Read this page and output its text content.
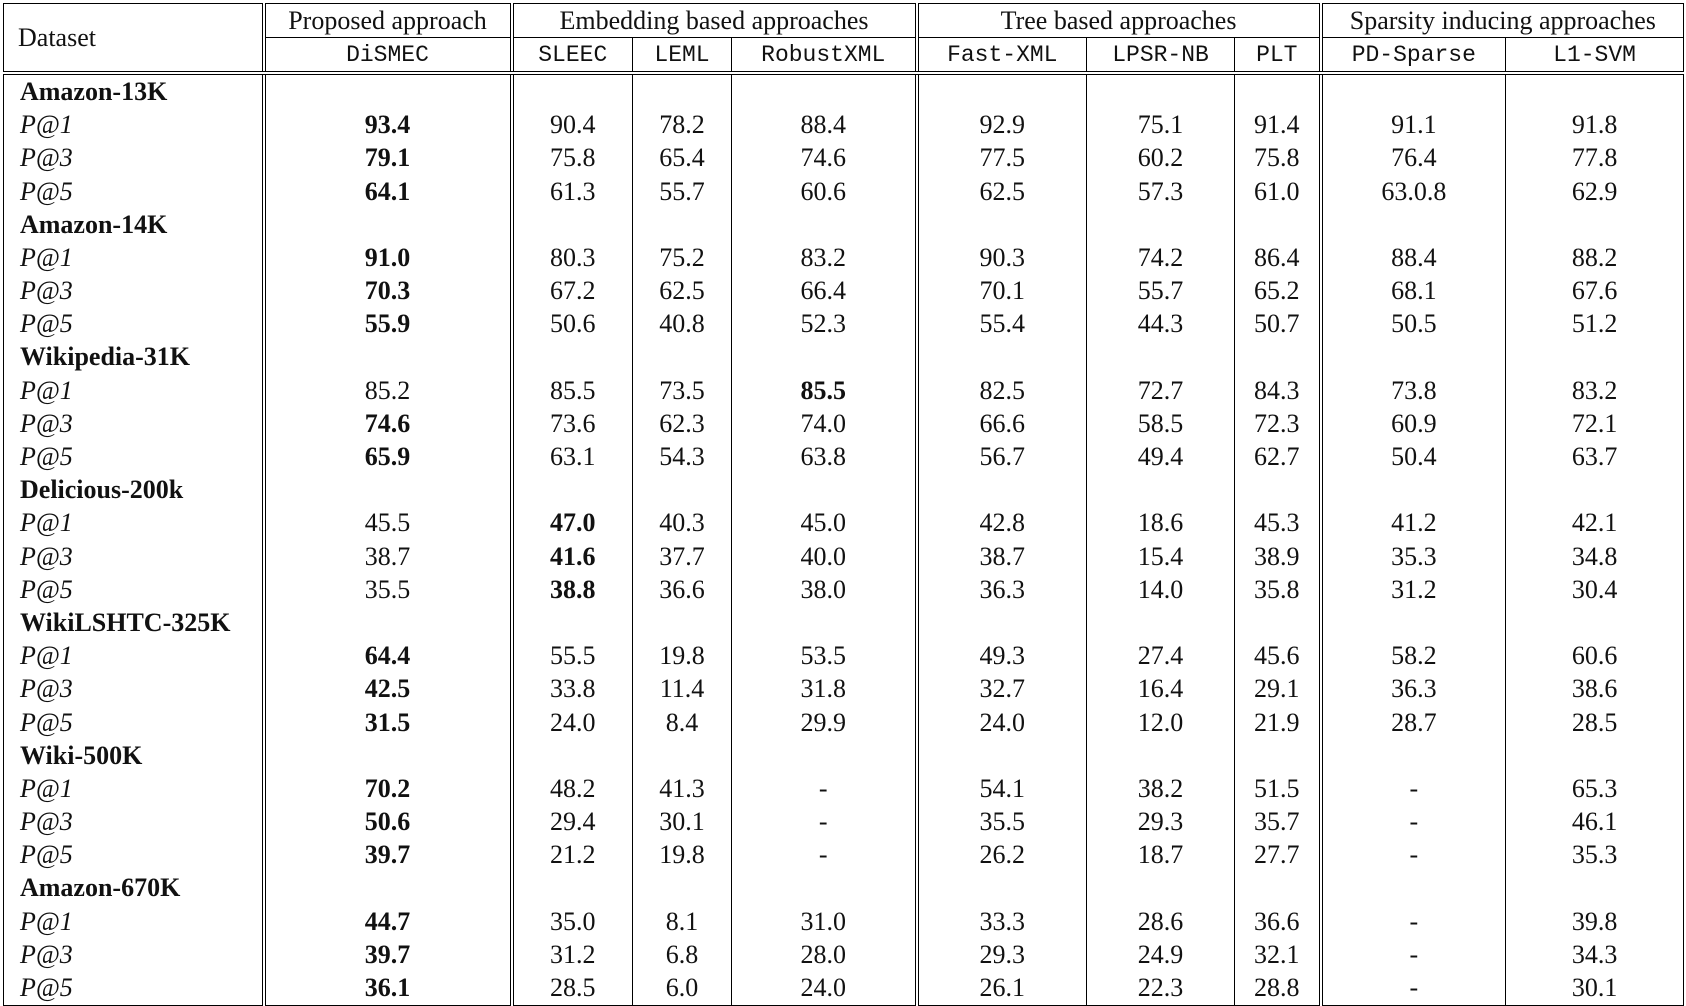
Dataset	Proposed approach	Embedding based approaches			Tree based approaches			Sparsity inducing approaches	
	DiSMEC	SLEEC	LEML	RobustXML	Fast-XML	LPSR-NB	PLT	PD-Sparse	L1-SVM
Amazon-13K									
P@1	93.4	90.4	78.2	88.4	92.9	75.1	91.4	91.1	91.8
P@3	79.1	75.8	65.4	74.6	77.5	60.2	75.8	76.4	77.8
P@5	64.1	61.3	55.7	60.6	62.5	57.3	61.0	63.0.8	62.9
Amazon-14K									
P@1	91.0	80.3	75.2	83.2	90.3	74.2	86.4	88.4	88.2
P@3	70.3	67.2	62.5	66.4	70.1	55.7	65.2	68.1	67.6
P@5	55.9	50.6	40.8	52.3	55.4	44.3	50.7	50.5	51.2
Wikipedia-31K									
P@1	85.2	85.5	73.5	85.5	82.5	72.7	84.3	73.8	83.2
P@3	74.6	73.6	62.3	74.0	66.6	58.5	72.3	60.9	72.1
P@5	65.9	63.1	54.3	63.8	56.7	49.4	62.7	50.4	63.7
Delicious-200k									
P@1	45.5	47.0	40.3	45.0	42.8	18.6	45.3	41.2	42.1
P@3	38.7	41.6	37.7	40.0	38.7	15.4	38.9	35.3	34.8
P@5	35.5	38.8	36.6	38.0	36.3	14.0	35.8	31.2	30.4
WikiLSHTC-325K									
P@1	64.4	55.5	19.8	53.5	49.3	27.4	45.6	58.2	60.6
P@3	42.5	33.8	11.4	31.8	32.7	16.4	29.1	36.3	38.6
P@5	31.5	24.0	8.4	29.9	24.0	12.0	21.9	28.7	28.5
Wiki-500K									
P@1	70.2	48.2	41.3	-	54.1	38.2	51.5	-	65.3
P@3	50.6	29.4	30.1	-	35.5	29.3	35.7	-	46.1
P@5	39.7	21.2	19.8	-	26.2	18.7	27.7	-	35.3
Amazon-670K									
P@1	44.7	35.0	8.1	31.0	33.3	28.6	36.6	-	39.8
P@3	39.7	31.2	6.8	28.0	29.3	24.9	32.1	-	34.3
P@5	36.1	28.5	6.0	24.0	26.1	22.3	28.8	-	30.1
